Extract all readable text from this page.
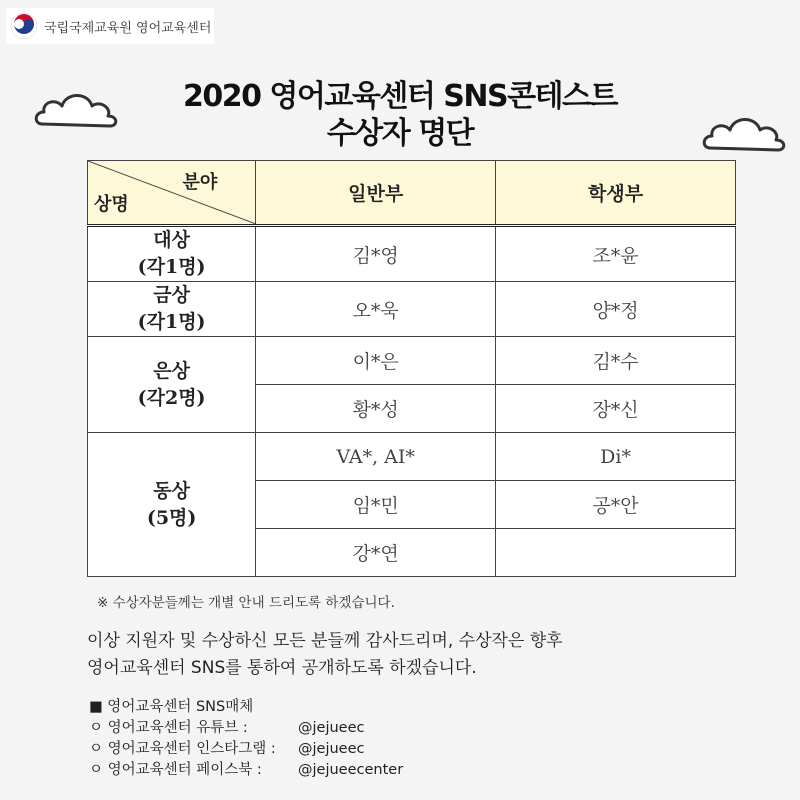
국립국제교육원 영어교육센터
2020 영어교육센터 SNS콘테스트
수상자 명단
분야
상명	일반부	학생부

대상
(각1명)	김*영	조*윤

금상
(각1명)	오*욱	양*정

은상
(각2명)	이*은	김*수
	황*성	장*신

동상
(5명)	VA*, AI*	Di*
	임*민	공*안
	강*연	
※ 수상자분들께는 개별 안내 드리도록 하겠습니다.
이상 지원자 및 수상하신 모든 분들께 감사드리며, 수상작은 향후
영어교육센터 SNS를 통하여 공개하도록 하겠습니다.
■ 영어교육센터 SNS매체
ㅇ 영어교육센터 유튜브 :	@jejueec
ㅇ 영어교육센터 인스타그램 :	@jejueec
ㅇ 영어교육센터 페이스북 :	@jejueecenter
